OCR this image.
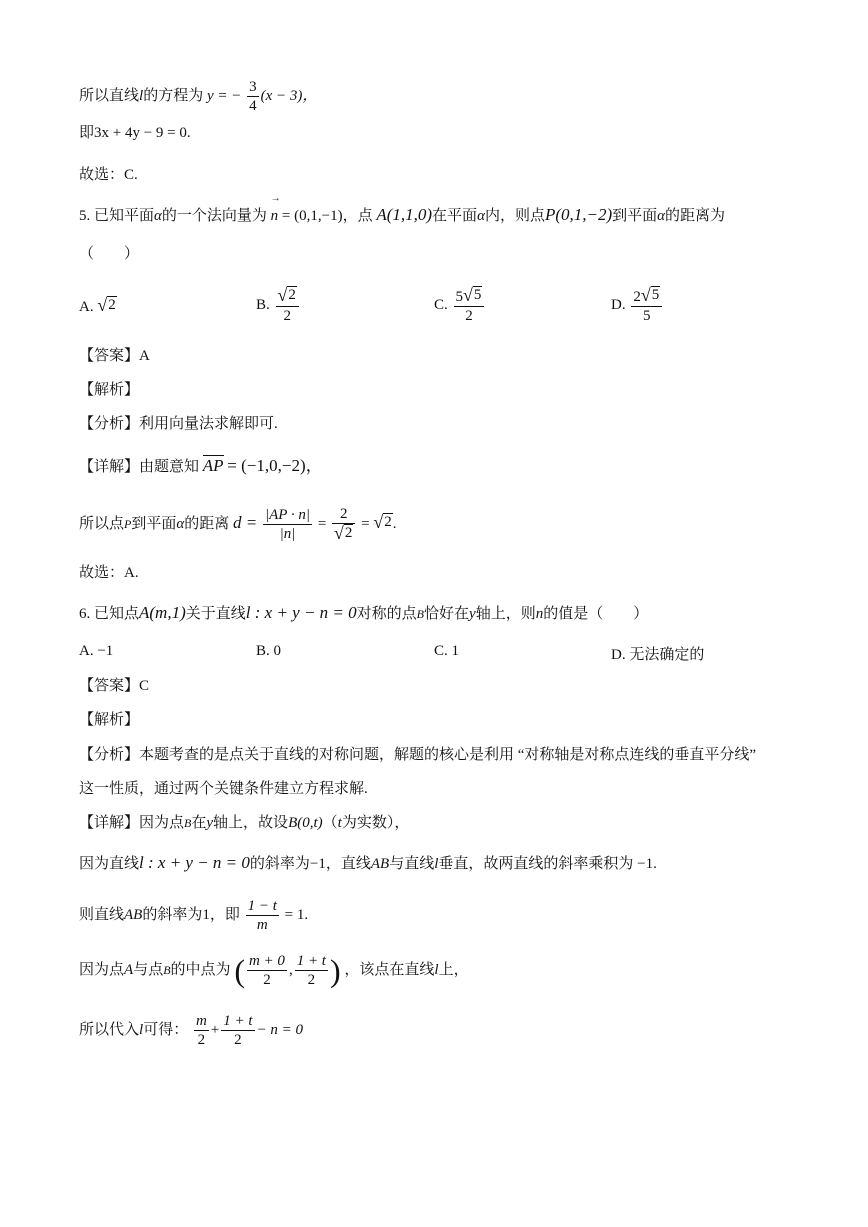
所以直线l的方程为 y = − $\frac{3}{4} (x - 3)$，
即3x + 4y − 9 = 0.
故选：C.
5. 已知平面α的一个法向量为 → n = (0,1,−1)，点 A(1,1,0)在平面α内，则点P(0,1,−2)到平面α的距离为
（　　）
A. √ 2	B. $\frac{√ 2}{2}$	C. $\frac{5 √ 5}{2}$	D. $\frac{2 √ 5}{5}$
【答案】A
【解析】
【分析】利用向量法求解即可.
【详解】由题意知 AP = (−1,0,−2)，
所以点P到平面α的距离 $d = \frac{|AP \cdot n|}{|n|} = \frac{2}{√ 2}$ = √ 2 .
故选：A.
6. 已知点A(m,1)关于直线l : x + y − n = 0对称的点B恰好在y轴上，则n的值是（　　）
A. −1	B. 0	C. 1	D. 无法确定的
【答案】C
【解析】
【分析】本题考查的是点关于直线的对称问题，解题的核心是利用 “对称轴是对称点连线的垂直平分线”
这一性质，通过两个关键条件建立方程求解.
【详解】因为点B在y轴上，故设B(0,t)（t为实数），
因为直线l : x + y − n = 0的斜率为−1，直线AB与直线l垂直，故两直线的斜率乘积为 −1.
则直线AB的斜率为1，即 $\frac{1 - t}{m} = 1$.
因为点A与点B的中点为 ( $\frac{m + 0}{2}$ , $\frac{1 + t}{2}$ ) ，该点在直线l上，
所以代入l可得： $\frac{m}{2} + \frac{1 + t}{2} - n = 0$
